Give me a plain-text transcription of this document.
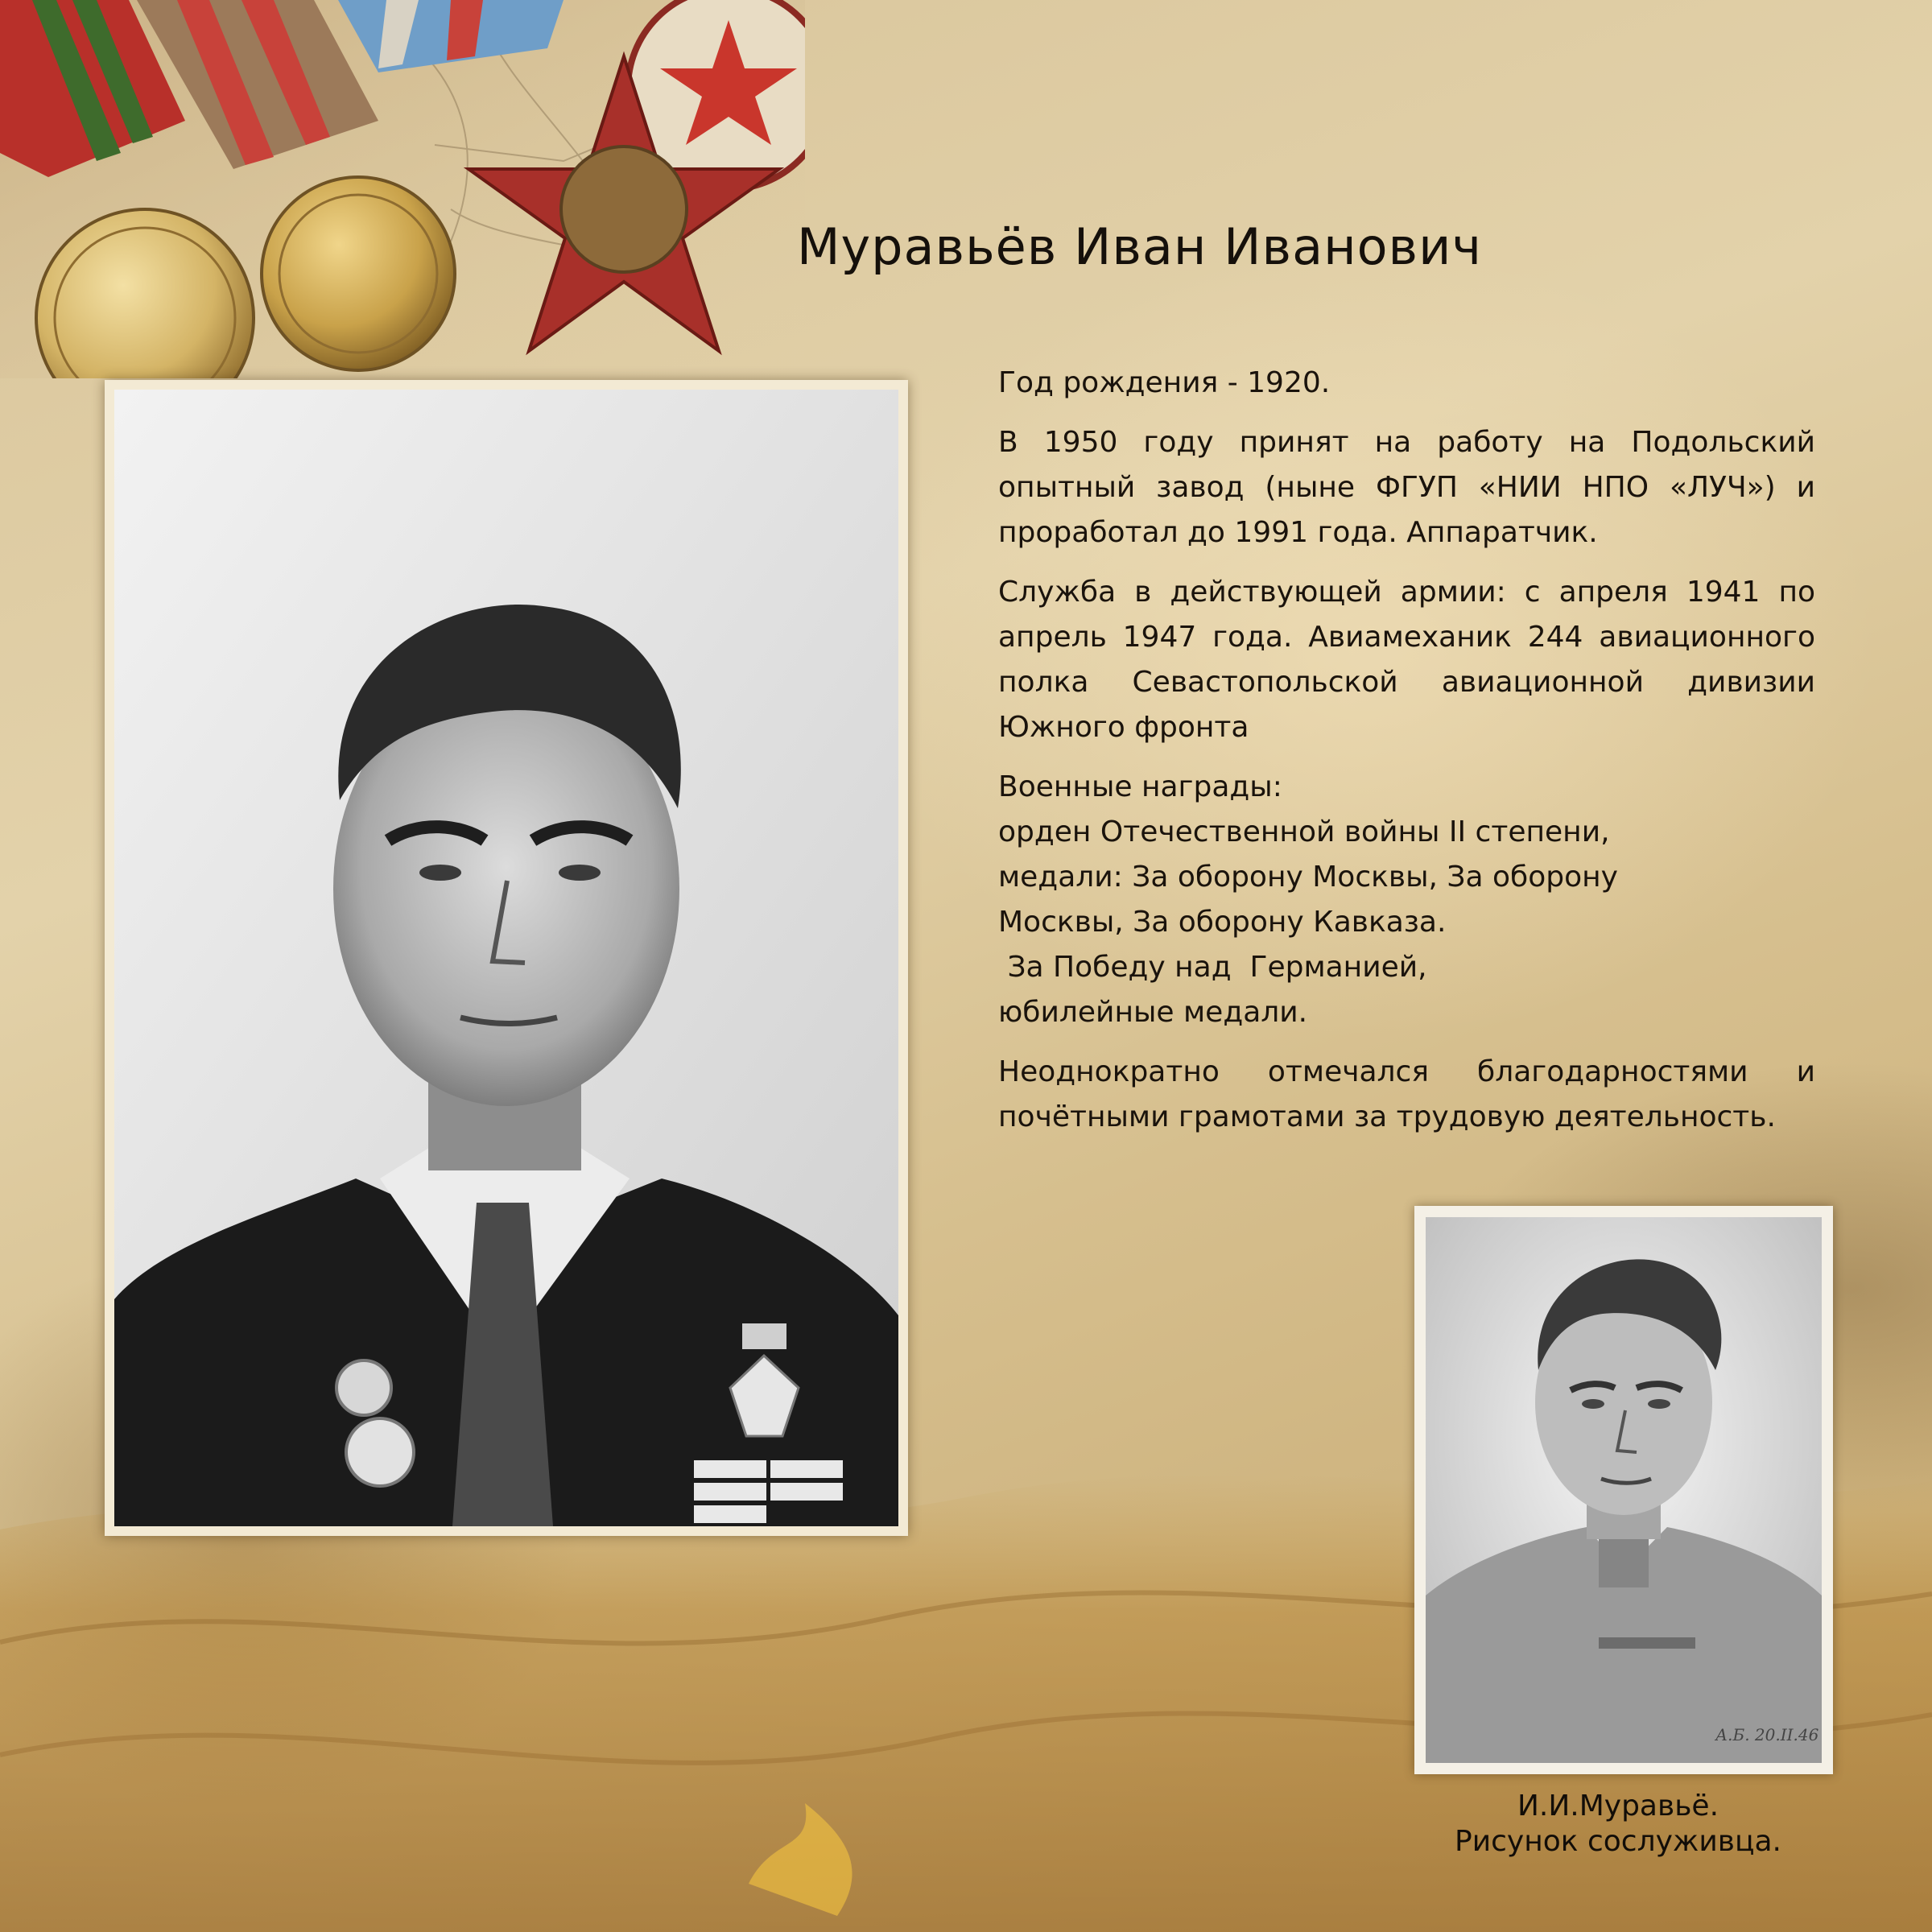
Муравьёв Иван Иванович

Год рождения - 1920.

В 1950 году принят на работу на Подольский опытный завод (ныне ФГУП «НИИ НПО «ЛУЧ») и проработал до 1991 года. Аппаратчик.

Служба в действующей армии: с апреля 1941 по апрель 1947 года. Авиамеханик 244 авиационного полка Севастопольской авиационной дивизии Южного фронта

Военные награды:

орден Отечественной войны II степени,

медали: За оборону Москвы, За оборону

Москвы, За оборону Кавказа.

За Победу над  Германией,

юбилейные медали.

Неоднократно отмечался благодарностями и почётными грамотами за трудовую деятельность.

А.Б. 20.II.46
И.И.Муравьё.
Рисунок сослуживца.
